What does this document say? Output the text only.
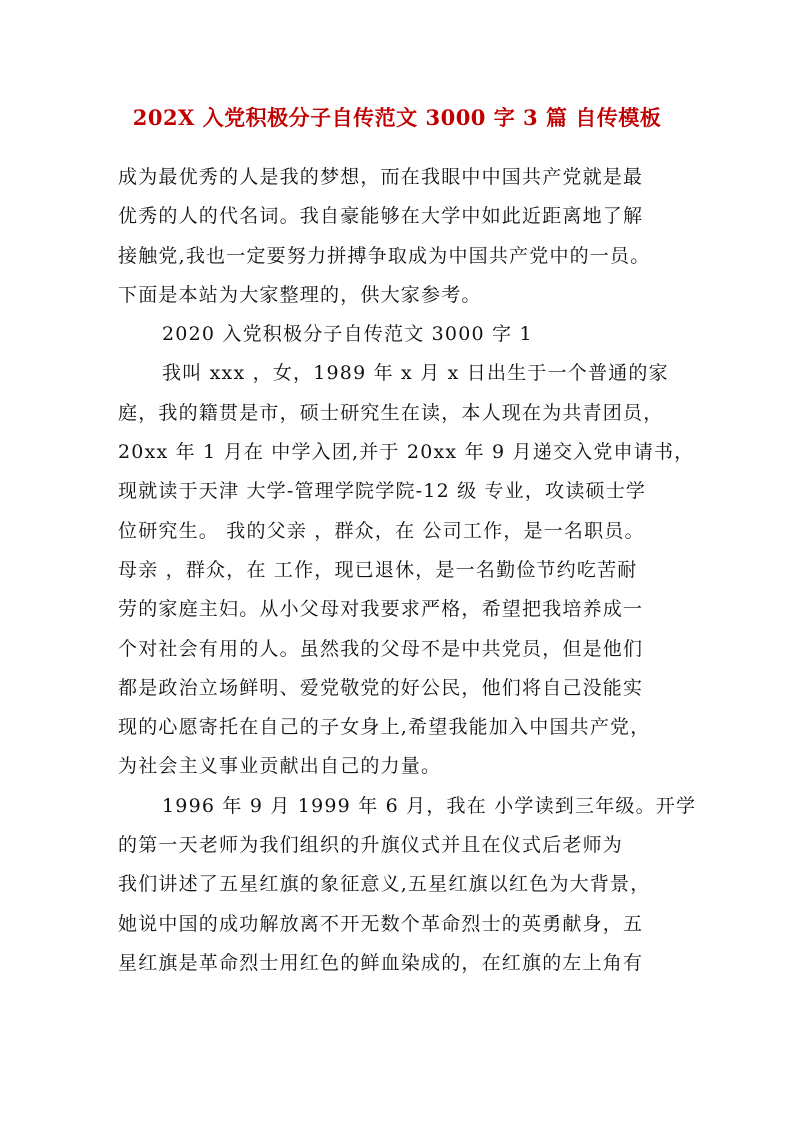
202X 入党积极分子自传范文 3000 字 3 篇 自传模板
成为最优秀的人是我的梦想，而在我眼中中国共产党就是最
优秀的人的代名词。我自豪能够在大学中如此近距离地了解
接触党,我也一定要努力拼搏争取成为中国共产党中的一员。
下面是本站为大家整理的，供大家参考。
2020 入党积极分子自传范文 3000 字 1
我叫 xxx ，女，1989 年 x 月 x 日出生于一个普通的家
庭，我的籍贯是市，硕士研究生在读，本人现在为共青团员，
20xx 年 1 月在 中学入团,并于 20xx 年 9 月递交入党申请书，
现就读于天津 大学-管理学院学院-12 级 专业，攻读硕士学
位研究生。 我的父亲 ，群众，在 公司工作，是一名职员。
母亲 ，群众，在 工作，现已退休，是一名勤俭节约吃苦耐
劳的家庭主妇。从小父母对我要求严格，希望把我培养成一
个对社会有用的人。虽然我的父母不是中共党员，但是他们
都是政治立场鲜明、爱党敬党的好公民，他们将自己没能实
现的心愿寄托在自己的子女身上,希望我能加入中国共产党，
为社会主义事业贡献出自己的力量。
1996 年 9 月 1999 年 6 月，我在 小学读到三年级。开学
的第一天老师为我们组织的升旗仪式并且在仪式后老师为
我们讲述了五星红旗的象征意义,五星红旗以红色为大背景，
她说中国的成功解放离不开无数个革命烈士的英勇献身，五
星红旗是革命烈士用红色的鲜血染成的，在红旗的左上角有
